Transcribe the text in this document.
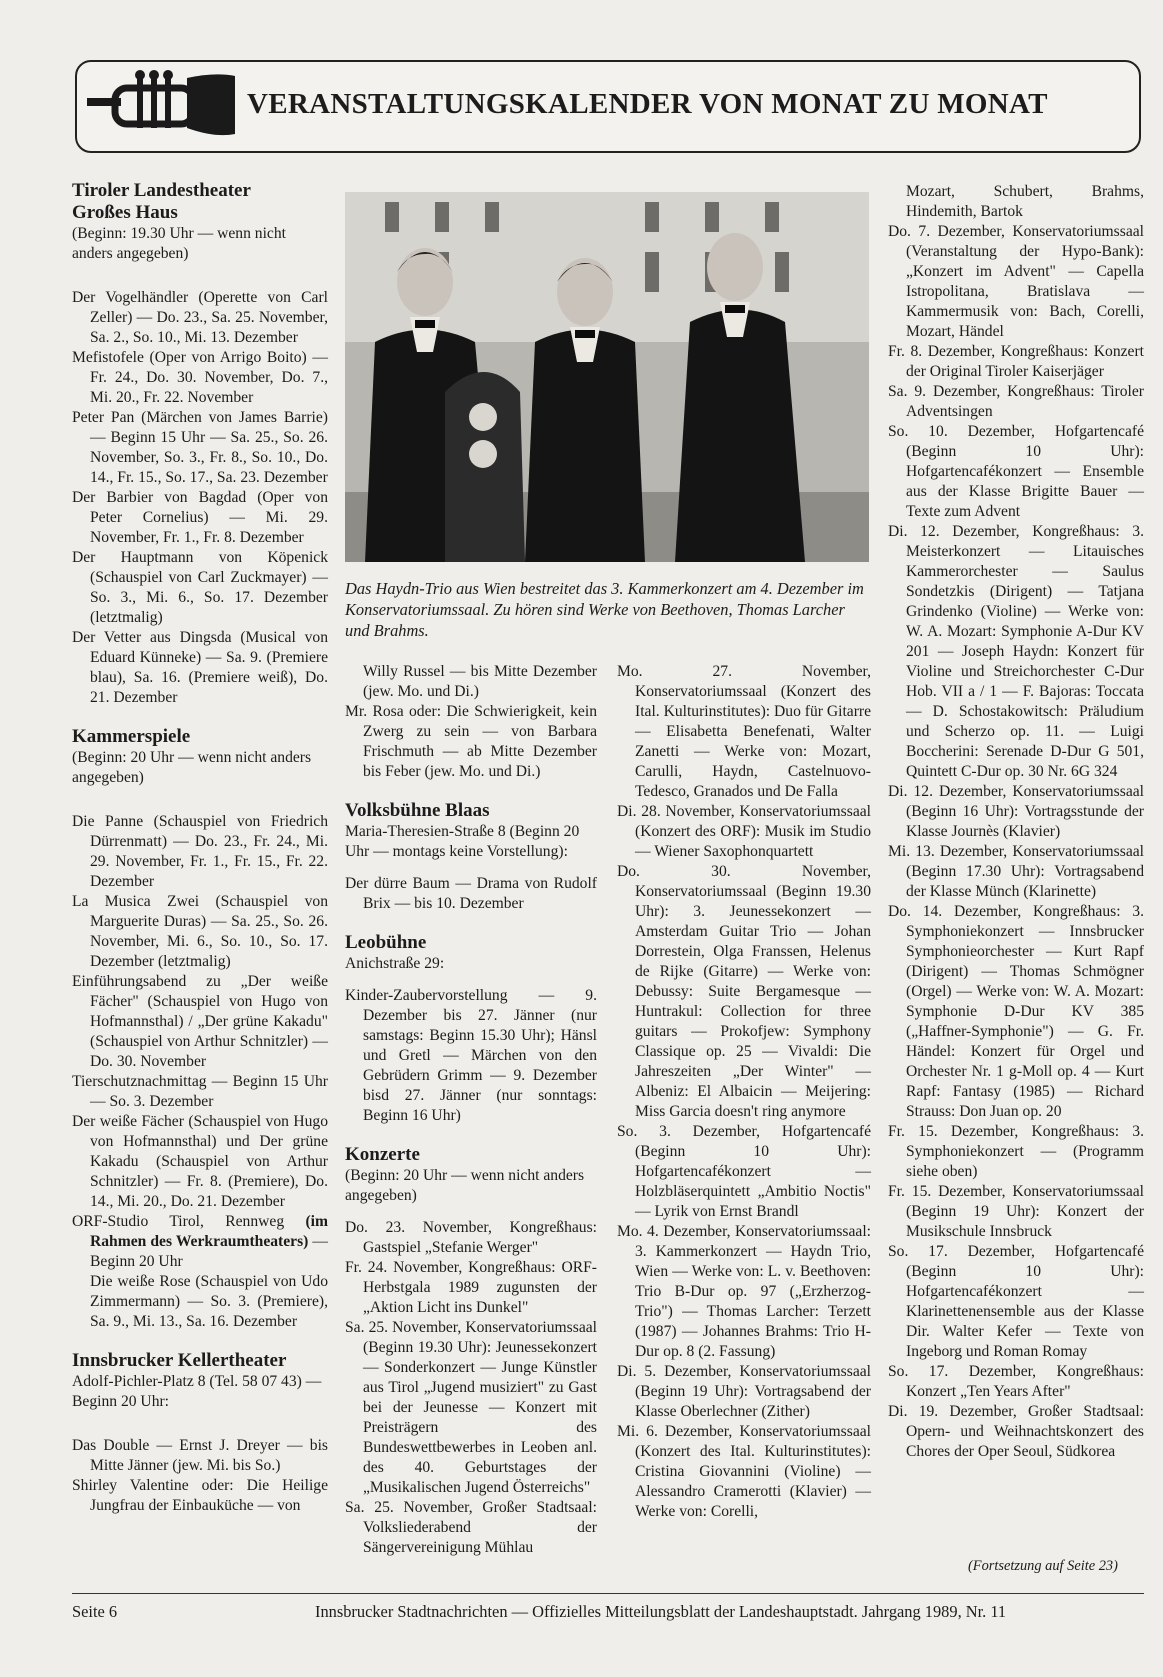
VERANSTALTUNGSKALENDER VON MONAT ZU MONAT

Tiroler Landestheater

Großes Haus

(Beginn: 19.30 Uhr — wenn nicht anders angegeben)

Der Vogelhändler (Operette von Carl Zeller) — Do. 23., Sa. 25. November, Sa. 2., So. 10., Mi. 13. Dezember

Mefistofele (Oper von Arrigo Boito) — Fr. 24., Do. 30. November, Do. 7., Mi. 20., Fr. 22. November

Peter Pan (Märchen von James Barrie) — Beginn 15 Uhr — Sa. 25., So. 26. November, So. 3., Fr. 8., So. 10., Do. 14., Fr. 15., So. 17., Sa. 23. Dezember

Der Barbier von Bagdad (Oper von Peter Cornelius) — Mi. 29. November, Fr. 1., Fr. 8. Dezember

Der Hauptmann von Köpenick (Schauspiel von Carl Zuckmayer) — So. 3., Mi. 6., So. 17. Dezember (letztmalig)

Der Vetter aus Dingsda (Musical von Eduard Künneke) — Sa. 9. (Premiere blau), Sa. 16. (Premiere weiß), Do. 21. Dezember

Kammerspiele

(Beginn: 20 Uhr — wenn nicht anders angegeben)

Die Panne (Schauspiel von Friedrich Dürrenmatt) — Do. 23., Fr. 24., Mi. 29. November, Fr. 1., Fr. 15., Fr. 22. Dezember

La Musica Zwei (Schauspiel von Marguerite Duras) — Sa. 25., So. 26. November, Mi. 6., So. 10., So. 17. Dezember (letztmalig)

Einführungsabend zu „Der weiße Fächer" (Schauspiel von Hugo von Hofmannsthal) / „Der grüne Kakadu" (Schauspiel von Arthur Schnitzler) — Do. 30. November

Tierschutznachmittag — Beginn 15 Uhr — So. 3. Dezember

Der weiße Fächer (Schauspiel von Hugo von Hofmannsthal) und Der grüne Kakadu (Schauspiel von Arthur Schnitzler) — Fr. 8. (Premiere), Do. 14., Mi. 20., Do. 21. Dezember

ORF-Studio Tirol, Rennweg (im Rahmen des Werkraumtheaters) — Beginn 20 Uhr

Die weiße Rose (Schauspiel von Udo Zimmermann) — So. 3. (Premiere), Sa. 9., Mi. 13., Sa. 16. Dezember

Innsbrucker Kellertheater

Adolf-Pichler-Platz 8 (Tel. 58 07 43) — Beginn 20 Uhr:

Das Double — Ernst J. Dreyer — bis Mitte Jänner (jew. Mi. bis So.)

Shirley Valentine oder: Die Heilige Jungfrau der Einbauküche — von

Das Haydn-Trio aus Wien bestreitet das 3. Kammerkonzert am 4. Dezember im Konservatoriumssaal. Zu hören sind Werke von Beethoven, Thomas Larcher und Brahms.

Willy Russel — bis Mitte Dezember (jew. Mo. und Di.)

Mr. Rosa oder: Die Schwierigkeit, kein Zwerg zu sein — von Barbara Frischmuth — ab Mitte Dezember bis Feber (jew. Mo. und Di.)

Volksbühne Blaas

Maria-Theresien-Straße 8 (Beginn 20 Uhr — montags keine Vorstellung):

Der dürre Baum — Drama von Rudolf Brix — bis 10. Dezember

Leobühne

Anichstraße 29:

Kinder-Zaubervorstellung — 9. Dezember bis 27. Jänner (nur samstags: Beginn 15.30 Uhr); Hänsl und Gretl — Märchen von den Gebrüdern Grimm — 9. Dezember bisd 27. Jänner (nur sonntags: Beginn 16 Uhr)

Konzerte

(Beginn: 20 Uhr — wenn nicht anders angegeben)

Do. 23. November, Kongreßhaus: Gastspiel „Stefanie Werger"

Fr. 24. November, Kongreßhaus: ORF-Herbstgala 1989 zugunsten der „Aktion Licht ins Dunkel"

Sa. 25. November, Konservatoriumssaal (Beginn 19.30 Uhr): Jeunessekonzert — Sonderkonzert — Junge Künstler aus Tirol „Jugend musiziert" zu Gast bei der Jeunesse — Konzert mit Preisträgern des Bundeswettbewerbes in Leoben anl. des 40. Geburtstages der „Musikalischen Jugend Österreichs"

Sa. 25. November, Großer Stadtsaal: Volksliederabend der Sängervereinigung Mühlau

Mo. 27. November, Konservatoriumssaal (Konzert des Ital. Kulturinstitutes): Duo für Gitarre — Elisabetta Benefenati, Walter Zanetti — Werke von: Mozart, Carulli, Haydn, Castelnuovo-Tedesco, Granados und De Falla

Di. 28. November, Konservatoriumssaal (Konzert des ORF): Musik im Studio — Wiener Saxophonquartett

Do. 30. November, Konservatoriumssaal (Beginn 19.30 Uhr): 3. Jeunessekonzert — Amsterdam Guitar Trio — Johan Dorrestein, Olga Franssen, Helenus de Rijke (Gitarre) — Werke von: Debussy: Suite Bergamesque — Huntrakul: Collection for three guitars — Prokofjew: Symphony Classique op. 25 — Vivaldi: Die Jahreszeiten „Der Winter" — Albeniz: El Albaicin — Meijering: Miss Garcia doesn't ring anymore

So. 3. Dezember, Hofgartencafé (Beginn 10 Uhr): Hofgartencafékonzert — Holzbläserquintett „Ambitio Noctis" — Lyrik von Ernst Brandl

Mo. 4. Dezember, Konservatoriumssaal: 3. Kammerkonzert — Haydn Trio, Wien — Werke von: L. v. Beethoven: Trio B-Dur op. 97 („Erzherzog-Trio") — Thomas Larcher: Terzett (1987) — Johannes Brahms: Trio H-Dur op. 8 (2. Fassung)

Di. 5. Dezember, Konservatoriumssaal (Beginn 19 Uhr): Vortragsabend der Klasse Oberlechner (Zither)

Mi. 6. Dezember, Konservatoriumssaal (Konzert des Ital. Kulturinstitutes): Cristina Giovannini (Violine) — Alessandro Cramerotti (Klavier) — Werke von: Corelli,

Mozart, Schubert, Brahms, Hindemith, Bartok

Do. 7. Dezember, Konservatoriumssaal (Veranstaltung der Hypo-Bank): „Konzert im Advent" — Capella Istropolitana, Bratislava — Kammermusik von: Bach, Corelli, Mozart, Händel

Fr. 8. Dezember, Kongreßhaus: Konzert der Original Tiroler Kaiserjäger

Sa. 9. Dezember, Kongreßhaus: Tiroler Adventsingen

So. 10. Dezember, Hofgartencafé (Beginn 10 Uhr): Hofgartencafékonzert — Ensemble aus der Klasse Brigitte Bauer — Texte zum Advent

Di. 12. Dezember, Kongreßhaus: 3. Meisterkonzert — Litauisches Kammerorchester — Saulus Sondetzkis (Dirigent) — Tatjana Grindenko (Violine) — Werke von: W. A. Mozart: Symphonie A-Dur KV 201 — Joseph Haydn: Konzert für Violine und Streichorchester C-Dur Hob. VII a / 1 — F. Bajoras: Toccata — D. Schostakowitsch: Präludium und Scherzo op. 11. — Luigi Boccherini: Serenade D-Dur G 501, Quintett C-Dur op. 30 Nr. 6G 324

Di. 12. Dezember, Konservatoriumssaal (Beginn 16 Uhr): Vortragsstunde der Klasse Journès (Klavier)

Mi. 13. Dezember, Konservatoriumssaal (Beginn 17.30 Uhr): Vortragsabend der Klasse Münch (Klarinette)

Do. 14. Dezember, Kongreßhaus: 3. Symphoniekonzert — Innsbrucker Symphonieorchester — Kurt Rapf (Dirigent) — Thomas Schmögner (Orgel) — Werke von: W. A. Mozart: Symphonie D-Dur KV 385 („Haffner-Symphonie") — G. Fr. Händel: Konzert für Orgel und Orchester Nr. 1 g-Moll op. 4 — Kurt Rapf: Fantasy (1985) — Richard Strauss: Don Juan op. 20

Fr. 15. Dezember, Kongreßhaus: 3. Symphoniekonzert — (Programm siehe oben)

Fr. 15. Dezember, Konservatoriumssaal (Beginn 19 Uhr): Konzert der Musikschule Innsbruck

So. 17. Dezember, Hofgartencafé (Beginn 10 Uhr): Hofgartencafékonzert — Klarinettenensemble aus der Klasse Dir. Walter Kefer — Texte von Ingeborg und Roman Romay

So. 17. Dezember, Kongreßhaus: Konzert „Ten Years After"

Di. 19. Dezember, Großer Stadtsaal: Opern- und Weihnachtskonzert des Chores der Oper Seoul, Südkorea

(Fortsetzung auf Seite 23)
Seite 6	Innsbrucker Stadtnachrichten — Offizielles Mitteilungsblatt der Landeshauptstadt. Jahrgang 1989, Nr. 11
